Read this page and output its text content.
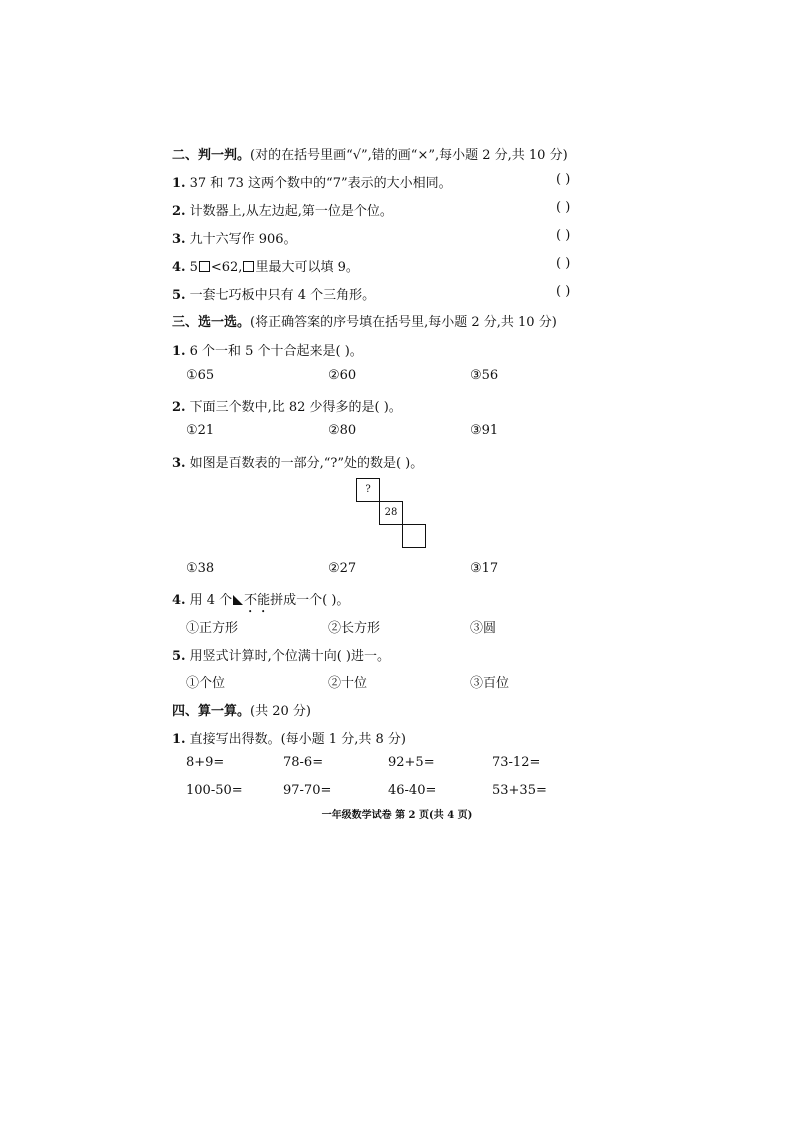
二、判一判。(对的在括号里画“√”,错的画“×”,每小题 2 分,共 10 分)
1. 37 和 73 这两个数中的“7”表示的大小相同。	( )
2. 计数器上,从左边起,第一位是个位。	( )
3. 九十六写作 906。	( )
4. 5 <62, 里最大可以填 9。	( )
5. 一套七巧板中只有 4 个三角形。	( )
三、选一选。(将正确答案的序号填在括号里,每小题 2 分,共 10 分)
1. 6 个一和 5 个十合起来是( )。
①65	②60	③56
2. 下面三个数中,比 82 少得多的是( )。
①21	②80	③91
3. 如图是百数表的一部分,“?”处的数是( )。
?
28
①38	②27	③17
4. 用 4 个 不能拼成一个( )。
①正方形	②长方形	③圆
5. 用竖式计算时,个位满十向( )进一。
①个位	②十位	③百位
四、算一算。(共 20 分)
1. 直接写出得数。(每小题 1 分,共 8 分)
8+9=	78-6=	92+5=	73-12=
100-50=	97-70=	46-40=	53+35=
一年级数学试卷 第 2 页(共 4 页)
